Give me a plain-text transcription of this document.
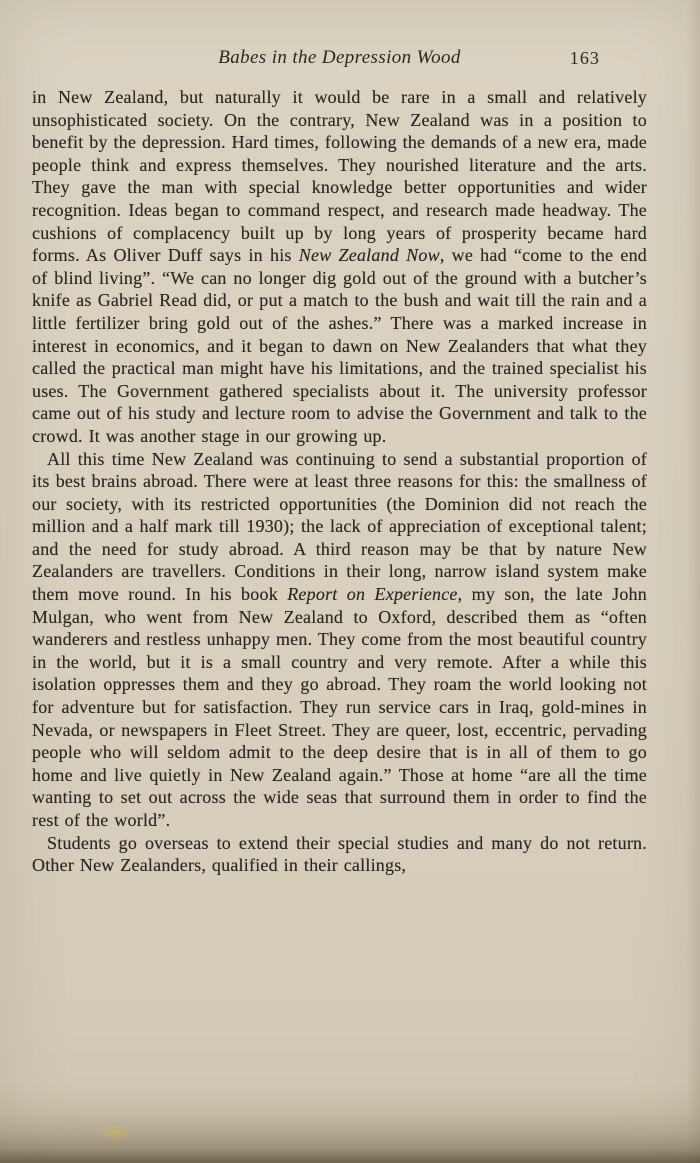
Babes in the Depression Wood	163

in New Zealand, but naturally it would be rare in a small and relatively unsophisticated society. On the contrary, New Zealand was in a position to benefit by the depression. Hard times, following the demands of a new era, made people think and express themselves. They nourished literature and the arts. They gave the man with special knowledge better opportunities and wider recognition. Ideas began to command respect, and research made headway. The cushions of complacency built up by long years of prosperity became hard forms. As Oliver Duff says in his New Zealand Now, we had “come to the end of blind living”. “We can no longer dig gold out of the ground with a butcher’s knife as Gabriel Read did, or put a match to the bush and wait till the rain and a little fertilizer bring gold out of the ashes.” There was a marked increase in interest in economics, and it began to dawn on New Zealanders that what they called the practical man might have his limitations, and the trained specialist his uses. The Government gathered specialists about it. The university professor came out of his study and lecture room to advise the Government and talk to the crowd. It was another stage in our growing up.

All this time New Zealand was continuing to send a substantial proportion of its best brains abroad. There were at least three reasons for this: the smallness of our society, with its restricted opportunities (the Dominion did not reach the million and a half mark till 1930); the lack of appreciation of exceptional talent; and the need for study abroad. A third reason may be that by nature New Zealanders are travellers. Conditions in their long, narrow island system make them move round. In his book Report on Experience, my son, the late John Mulgan, who went from New Zealand to Oxford, described them as “often wanderers and restless unhappy men. They come from the most beautiful country in the world, but it is a small country and very remote. After a while this isolation oppresses them and they go abroad. They roam the world looking not for adventure but for satisfaction. They run service cars in Iraq, gold-mines in Nevada, or newspapers in Fleet Street. They are queer, lost, eccentric, pervading people who will seldom admit to the deep desire that is in all of them to go home and live quietly in New Zealand again.” Those at home “are all the time wanting to set out across the wide seas that surround them in order to find the rest of the world”.

Students go overseas to extend their special studies and many do not return. Other New Zealanders, qualified in their callings,
